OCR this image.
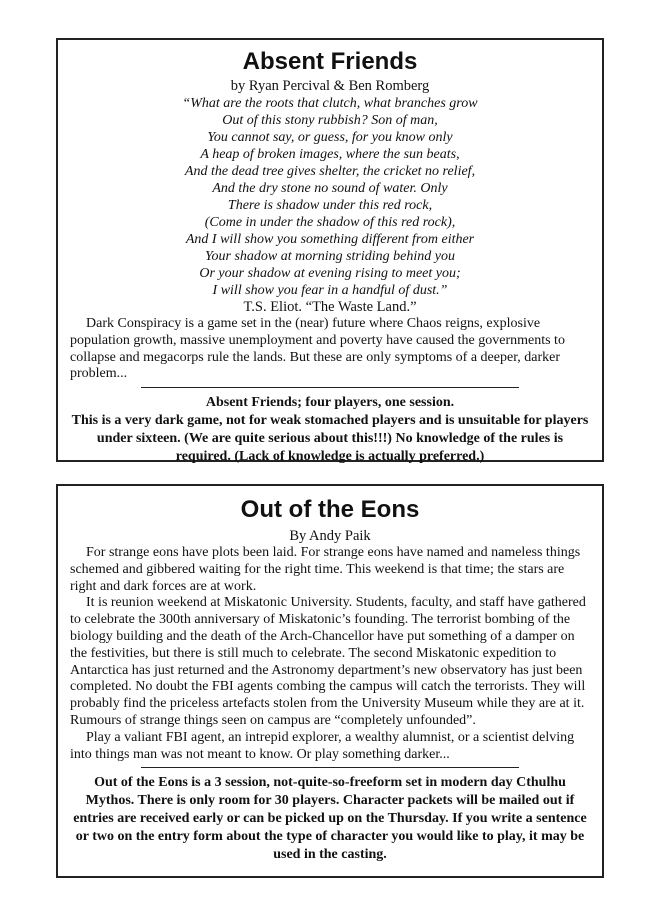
Absent Friends

by Ryan Percival & Ben Romberg

“What are the roots that clutch, what branches grow
Out of this stony rubbish? Son of man,
You cannot say, or guess, for you know only
A heap of broken images, where the sun beats,
And the dead tree gives shelter, the cricket no relief,
And the dry stone no sound of water. Only
There is shadow under this red rock,
(Come in under the shadow of this red rock),
And I will show you something different from either
Your shadow at morning striding behind you
Or your shadow at evening rising to meet you;
I will show you fear in a handful of dust.”

T.S. Eliot. “The Waste Land.”

Dark Conspiracy is a game set in the (near) future where Chaos reigns, explosive population growth, massive unemployment and poverty have caused the governments to collapse and megacorps rule the lands. But these are only symptoms of a deeper, darker problem...

Absent Friends; four players, one session.

This is a very dark game, not for weak stomached players and is unsuitable for players under sixteen. (We are quite serious about this!!!) No knowledge of the rules is required. (Lack of knowledge is actually preferred.)

Out of the Eons

By Andy Paik

For strange eons have plots been laid. For strange eons have named and nameless things schemed and gibbered waiting for the right time. This weekend is that time; the stars are right and dark forces are at work.

It is reunion weekend at Miskatonic University. Students, faculty, and staff have gathered to celebrate the 300th anniversary of Miskatonic’s founding. The terrorist bombing of the biology building and the death of the Arch-Chancellor have put something of a damper on the festivities, but there is still much to celebrate. The second Miskatonic expedition to Antarctica has just returned and the Astronomy department’s new observatory has just been completed. No doubt the FBI agents combing the campus will catch the terrorists. They will probably find the priceless artefacts stolen from the University Museum while they are at it. Rumours of strange things seen on campus are “completely unfounded”.

Play a valiant FBI agent, an intrepid explorer, a wealthy alumnist, or a scientist delving into things man was not meant to know. Or play something darker...

Out of the Eons is a 3 session, not-quite-so-freeform set in modern day Cthulhu Mythos. There is only room for 30 players. Character packets will be mailed out if entries are received early or can be picked up on the Thursday. If you write a sentence or two on the entry form about the type of character you would like to play, it may be used in the casting.
